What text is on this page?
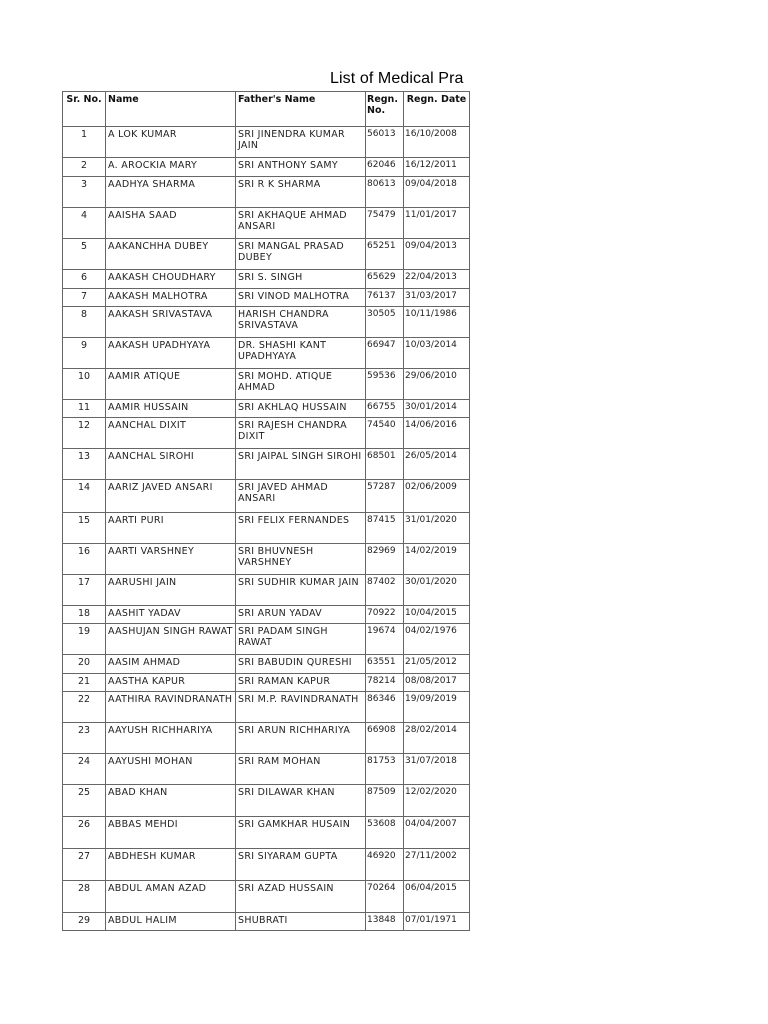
List of Medical Pra
Sr. No.	Name	Father's Name	Regn. No.	Regn. Date
1	A LOK KUMAR	SRI JINENDRA KUMAR JAIN	56013	16/10/2008
2	A. AROCKIA MARY	SRI ANTHONY SAMY	62046	16/12/2011
3	AADHYA SHARMA	SRI R K SHARMA	80613	09/04/2018
4	AAISHA SAAD	SRI AKHAQUE AHMAD ANSARI	75479	11/01/2017
5	AAKANCHHA DUBEY	SRI MANGAL PRASAD DUBEY	65251	09/04/2013
6	AAKASH CHOUDHARY	SRI S. SINGH	65629	22/04/2013
7	AAKASH MALHOTRA	SRI VINOD MALHOTRA	76137	31/03/2017
8	AAKASH SRIVASTAVA	HARISH CHANDRA SRIVASTAVA	30505	10/11/1986
9	AAKASH UPADHYAYA	DR. SHASHI KANT UPADHYAYA	66947	10/03/2014
10	AAMIR ATIQUE	SRI MOHD. ATIQUE AHMAD	59536	29/06/2010
11	AAMIR HUSSAIN	SRI AKHLAQ HUSSAIN	66755	30/01/2014
12	AANCHAL DIXIT	SRI RAJESH CHANDRA DIXIT	74540	14/06/2016
13	AANCHAL SIROHI	SRI JAIPAL SINGH SIROHI	68501	26/05/2014
14	AARIZ JAVED ANSARI	SRI JAVED AHMAD ANSARI	57287	02/06/2009
15	AARTI PURI	SRI FELIX FERNANDES	87415	31/01/2020
16	AARTI VARSHNEY	SRI BHUVNESH VARSHNEY	82969	14/02/2019
17	AARUSHI JAIN	SRI SUDHIR KUMAR JAIN	87402	30/01/2020
18	AASHIT YADAV	SRI ARUN YADAV	70922	10/04/2015
19	AASHUJAN SINGH RAWAT	SRI PADAM SINGH RAWAT	19674	04/02/1976
20	AASIM AHMAD	SRI BABUDIN QURESHI	63551	21/05/2012
21	AASTHA KAPUR	SRI RAMAN KAPUR	78214	08/08/2017
22	AATHIRA RAVINDRANATH	SRI M.P. RAVINDRANATH	86346	19/09/2019
23	AAYUSH RICHHARIYA	SRI ARUN RICHHARIYA	66908	28/02/2014
24	AAYUSHI MOHAN	SRI RAM MOHAN	81753	31/07/2018
25	ABAD KHAN	SRI DILAWAR KHAN	87509	12/02/2020
26	ABBAS MEHDI	SRI GAMKHAR HUSAIN	53608	04/04/2007
27	ABDHESH KUMAR	SRI SIYARAM GUPTA	46920	27/11/2002
28	ABDUL AMAN AZAD	SRI AZAD HUSSAIN	70264	06/04/2015
29	ABDUL HALIM	SHUBRATI	13848	07/01/1971
